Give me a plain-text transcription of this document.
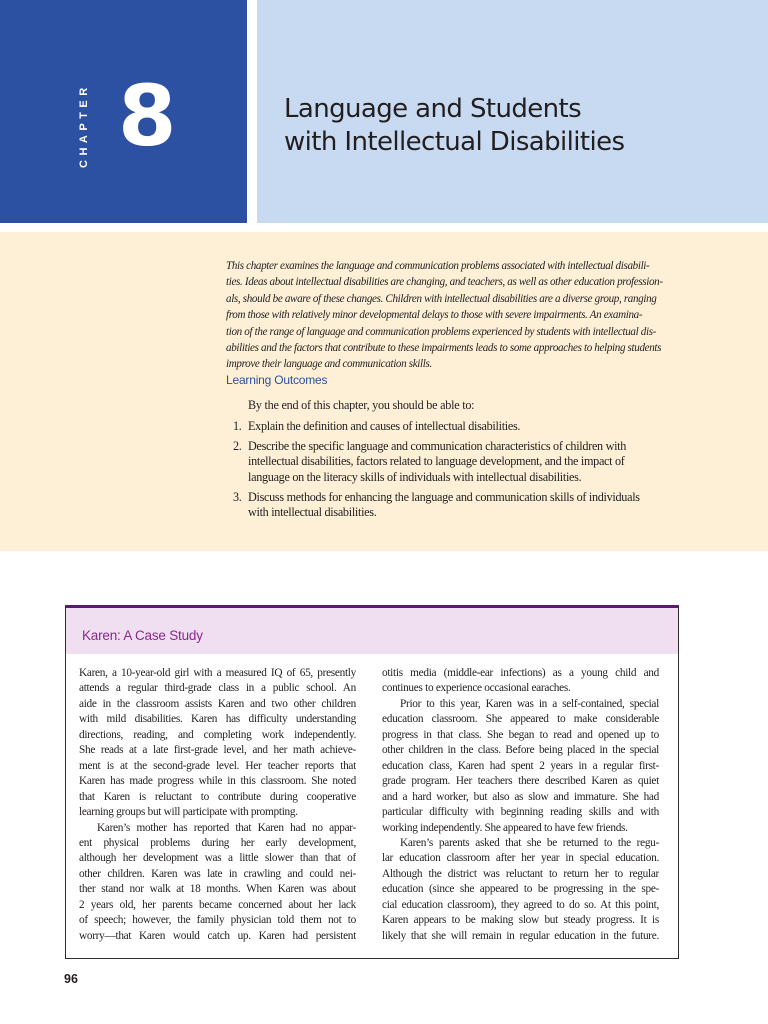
CHAPTER 8	Language and Students
with Intellectual Disabilities

This chapter examines the language and communication problems associated with intellectual disabili-
ties. Ideas about intellectual disabilities are changing, and teachers, as well as other education profession-
als, should be aware of these changes. Children with intellectual disabilities are a diverse group, ranging
from those with relatively minor developmental delays to those with severe impairments. An examina-
tion of the range of language and communication problems experienced by students with intellectual dis-
abilities and the factors that contribute to these impairments leads to some approaches to helping students
improve their language and communication skills.

Learning Outcomes
By the end of this chapter, you should be able to:
1. Explain the definition and causes of intellectual disabilities.
2. Describe the specific language and communication characteristics of children with
intellectual disabilities, factors related to language development, and the impact of
language on the literacy skills of individuals with intellectual disabilities.
3. Discuss methods for enhancing the language and communication skills of individuals
with intellectual disabilities.
Karen: A Case Study

Karen, a 10-year-old girl with a measured IQ of 65, presently
attends a regular third-grade class in a public school. An
aide in the classroom assists Karen and two other children
with mild disabilities. Karen has difficulty understanding
directions, reading, and completing work independently.
She reads at a late first-grade level, and her math achieve-
ment is at the second-grade level. Her teacher reports that
Karen has made progress while in this classroom. She noted
that Karen is reluctant to contribute during cooperative
learning groups but will participate with prompting.

Karen’s mother has reported that Karen had no appar-
ent physical problems during her early development,
although her development was a little slower than that of
other children. Karen was late in crawling and could nei-
ther stand nor walk at 18 months. When Karen was about
2 years old, her parents became concerned about her lack
of speech; however, the family physician told them not to
worry—that Karen would catch up. Karen had persistent

otitis media (middle-ear infections) as a young child and
continues to experience occasional earaches.

Prior to this year, Karen was in a self-contained, special
education classroom. She appeared to make considerable
progress in that class. She began to read and opened up to
other children in the class. Before being placed in the special
education class, Karen had spent 2 years in a regular first-
grade program. Her teachers there described Karen as quiet
and a hard worker, but also as slow and immature. She had
particular difficulty with beginning reading skills and with
working independently. She appeared to have few friends.

Karen’s parents asked that she be returned to the regu-
lar education classroom after her year in special education.
Although the district was reluctant to return her to regular
education (since she appeared to be progressing in the spe-
cial education classroom), they agreed to do so. At this point,
Karen appears to be making slow but steady progress. It is
likely that she will remain in regular education in the future.

96
